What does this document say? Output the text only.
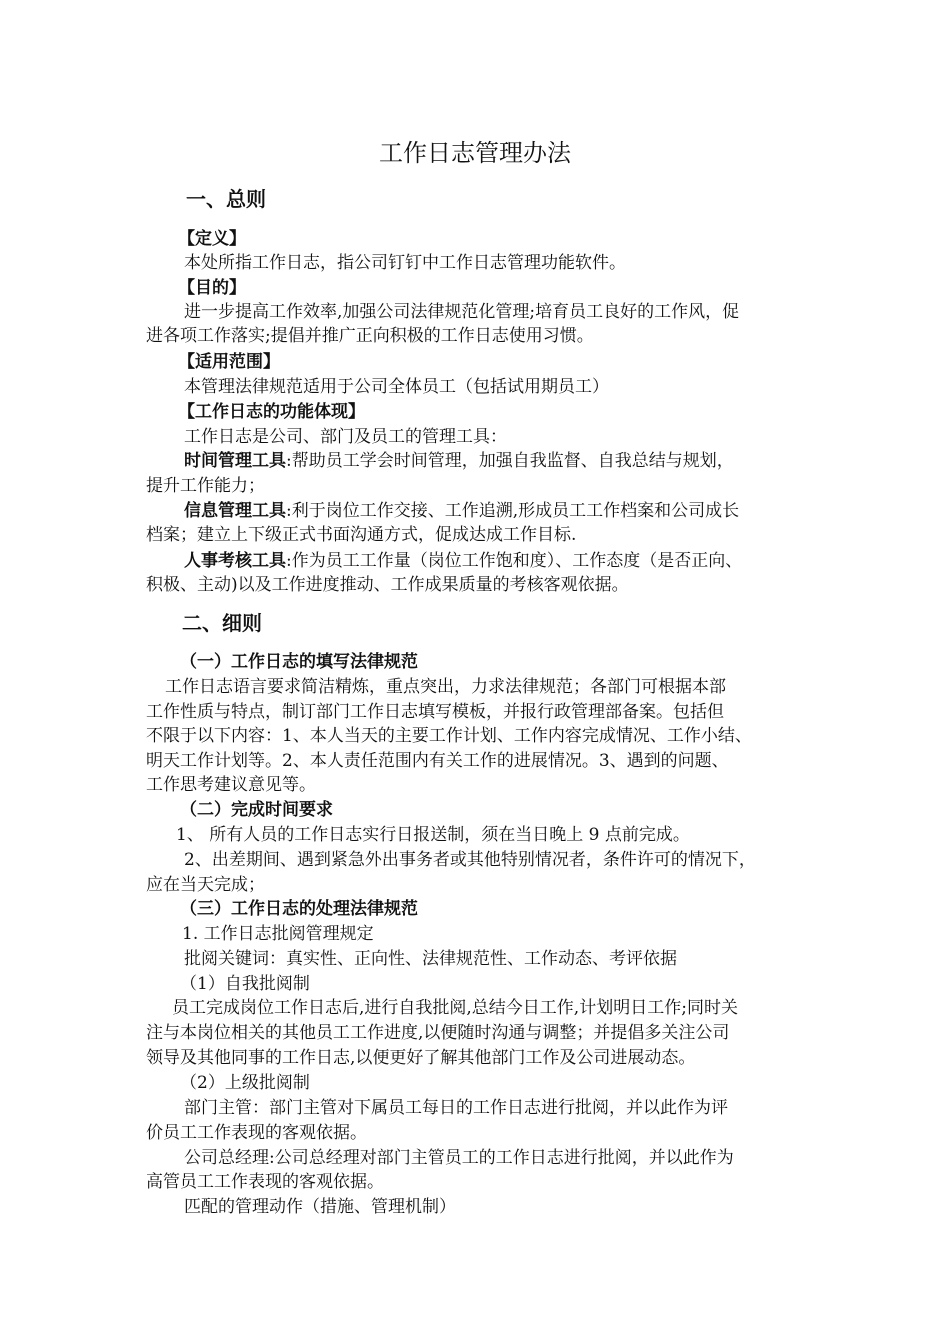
工作日志管理办法
一、总则
【定义】
本处所指工作日志，指公司钉钉中工作日志管理功能软件。
【目的】
进一步提高工作效率,加强公司法律规范化管理;培育员工良好的工作风，促
进各项工作落实;提倡并推广正向积极的工作日志使用习惯。
【适用范围】
本管理法律规范适用于公司全体员工（包括试用期员工）
【工作日志的功能体现】
工作日志是公司、部门及员工的管理工具：
时间管理工具:帮助员工学会时间管理，加强自我监督、自我总结与规划，
提升工作能力；
信息管理工具:利于岗位工作交接、工作追溯,形成员工工作档案和公司成长
档案；建立上下级正式书面沟通方式，促成达成工作目标.
人事考核工具:作为员工工作量（岗位工作饱和度）、工作态度（是否正向、
积极、主动)以及工作进度推动、工作成果质量的考核客观依据。
二、细则
（一）工作日志的填写法律规范
工作日志语言要求简洁精炼，重点突出，力求法律规范；各部门可根据本部
工作性质与特点，制订部门工作日志填写模板，并报行政管理部备案。包括但
不限于以下内容：1、本人当天的主要工作计划、工作内容完成情况、工作小结、
明天工作计划等。2、本人责任范围内有关工作的进展情况。3、遇到的问题、
工作思考建议意见等。
（二）完成时间要求
1、 所有人员的工作日志实行日报送制，须在当日晚上 9 点前完成。
2、出差期间、遇到紧急外出事务者或其他特别情况者，条件许可的情况下，
应在当天完成；
（三）工作日志的处理法律规范
1. 工作日志批阅管理规定
批阅关键词：真实性、正向性、法律规范性、工作动态、考评依据
（1）自我批阅制
员工完成岗位工作日志后,进行自我批阅,总结今日工作,计划明日工作;同时关
注与本岗位相关的其他员工工作进度,以便随时沟通与调整；并提倡多关注公司
领导及其他同事的工作日志,以便更好了解其他部门工作及公司进展动态。
（2）上级批阅制
部门主管：部门主管对下属员工每日的工作日志进行批阅，并以此作为评
价员工工作表现的客观依据。
公司总经理:公司总经理对部门主管员工的工作日志进行批阅，并以此作为
高管员工工作表现的客观依据。
匹配的管理动作（措施、管理机制）
